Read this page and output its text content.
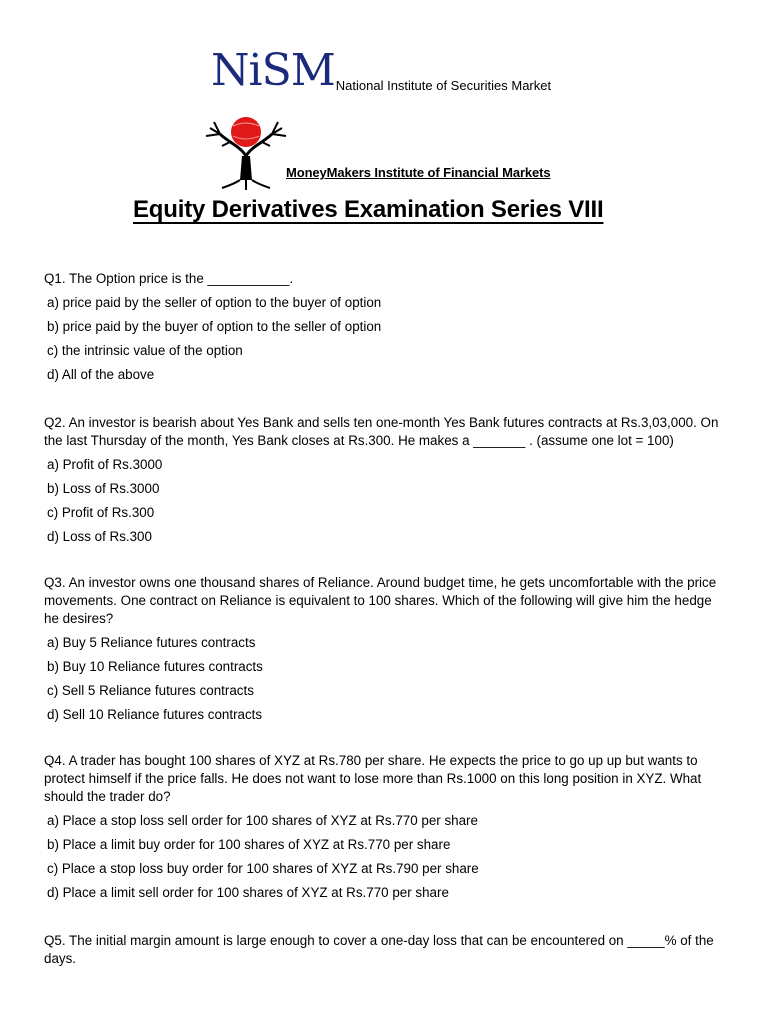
NiSM National Institute of Securities Market
MoneyMakers Institute of Financial Markets
Equity Derivatives Examination Series VIII

Q1. The Option price is the ___________.

a) price paid by the seller of option to the buyer of option

b) price paid by the buyer of option to the seller of option

c) the intrinsic value of the option

d) All of the above

Q2. An investor is bearish about Yes Bank and sells ten one-month Yes Bank futures contracts at Rs.3,03,000. On the last Thursday of the month, Yes Bank closes at Rs.300. He makes a _______ . (assume one lot = 100)

a) Profit of Rs.3000

b) Loss of Rs.3000

c) Profit of Rs.300

d) Loss of Rs.300

Q3. An investor owns one thousand shares of Reliance. Around budget time, he gets uncomfortable with the price movements. One contract on Reliance is equivalent to 100 shares. Which of the following will give him the hedge he desires?

a) Buy 5 Reliance futures contracts

b) Buy 10 Reliance futures contracts

c) Sell 5 Reliance futures contracts

d) Sell 10 Reliance futures contracts

Q4. A trader has bought 100 shares of XYZ at Rs.780 per share. He expects the price to go up up but wants to protect himself if the price falls. He does not want to lose more than Rs.1000 on this long position in XYZ. What should the trader do?

a) Place a stop loss sell order for 100 shares of XYZ at Rs.770 per share

b) Place a limit buy order for 100 shares of XYZ at Rs.770 per share

c) Place a stop loss buy order for 100 shares of XYZ at Rs.790 per share

d) Place a limit sell order for 100 shares of XYZ at Rs.770 per share

Q5. The initial margin amount is large enough to cover a one-day loss that can be encountered on _____% of the days.
